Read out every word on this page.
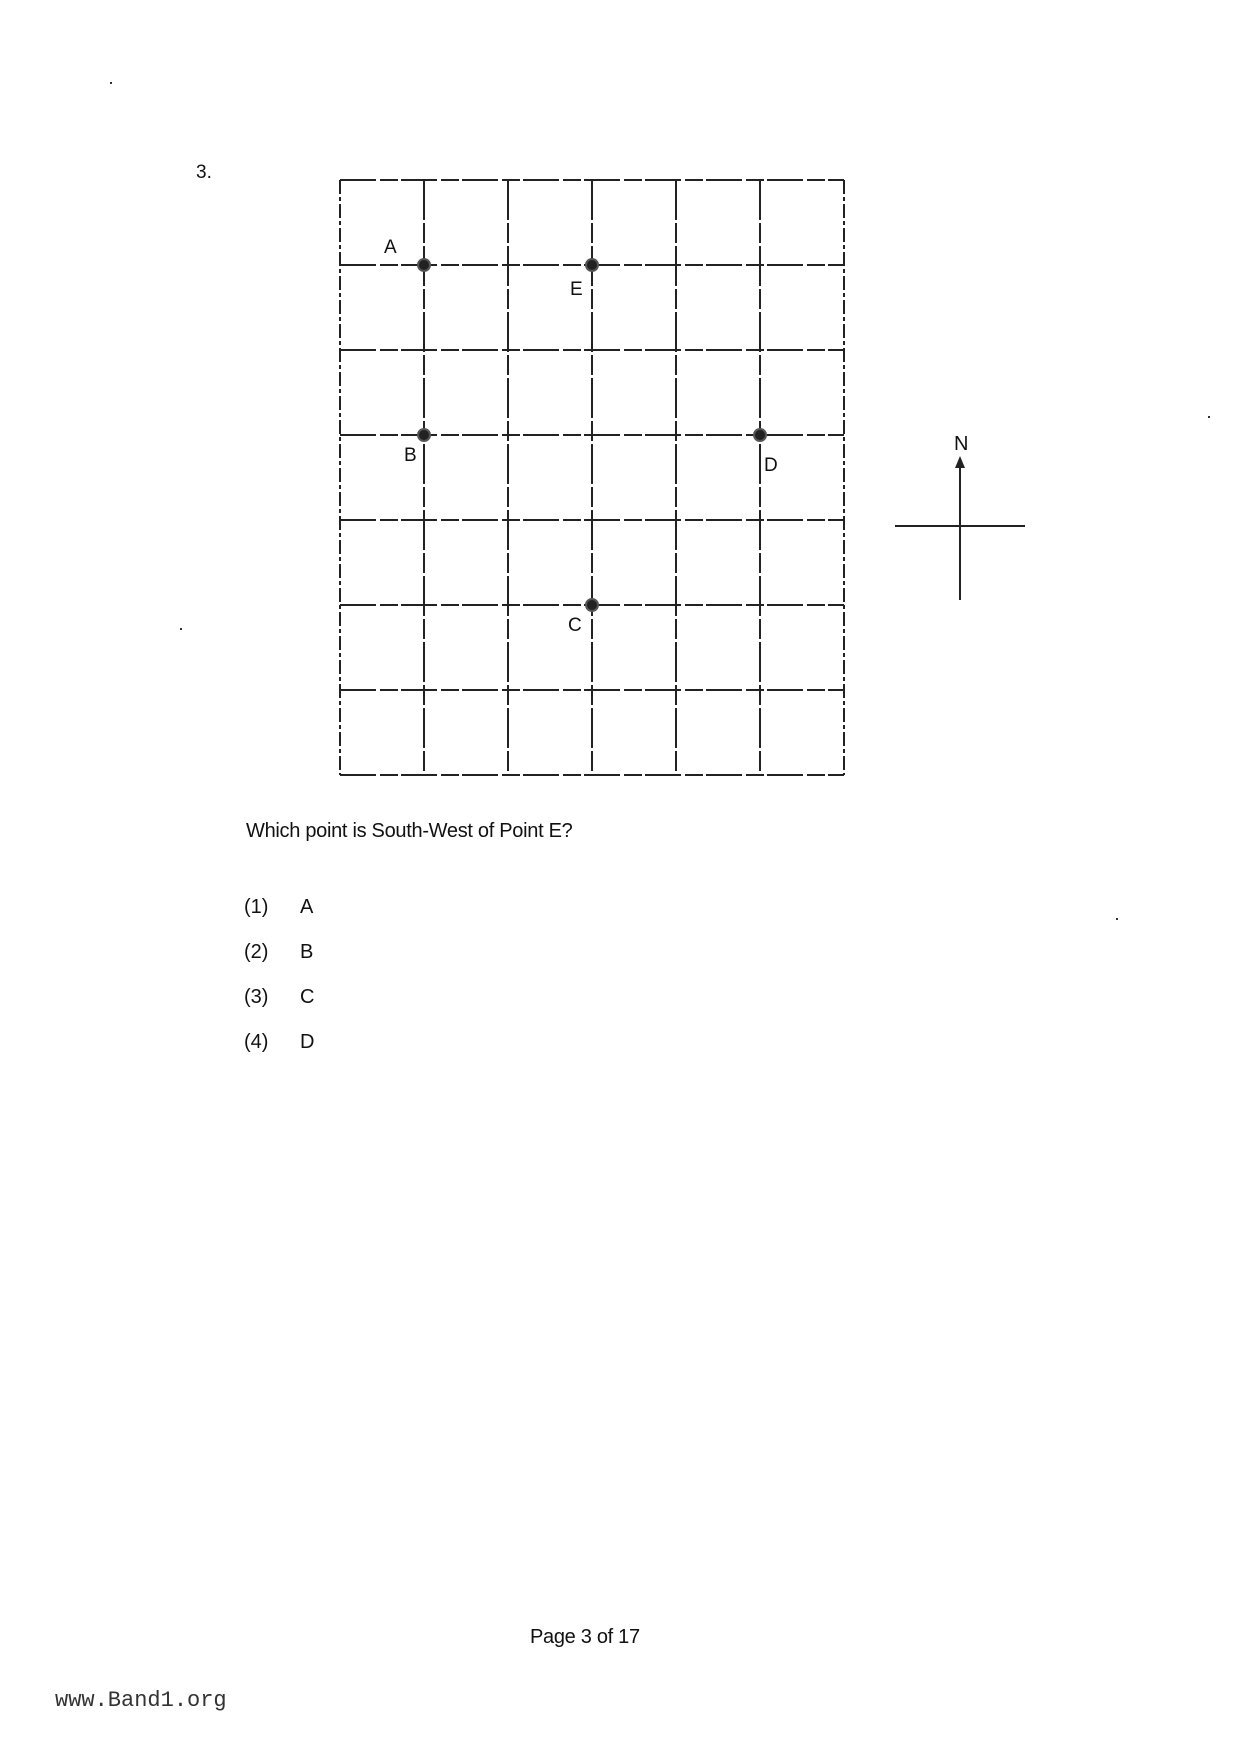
3.
A
E
B	D
C
N
Which point is South-West of Point E?
(1)	A
(2)	B
(3)	C
(4)	D
Page 3 of 17
www.Band1.org
